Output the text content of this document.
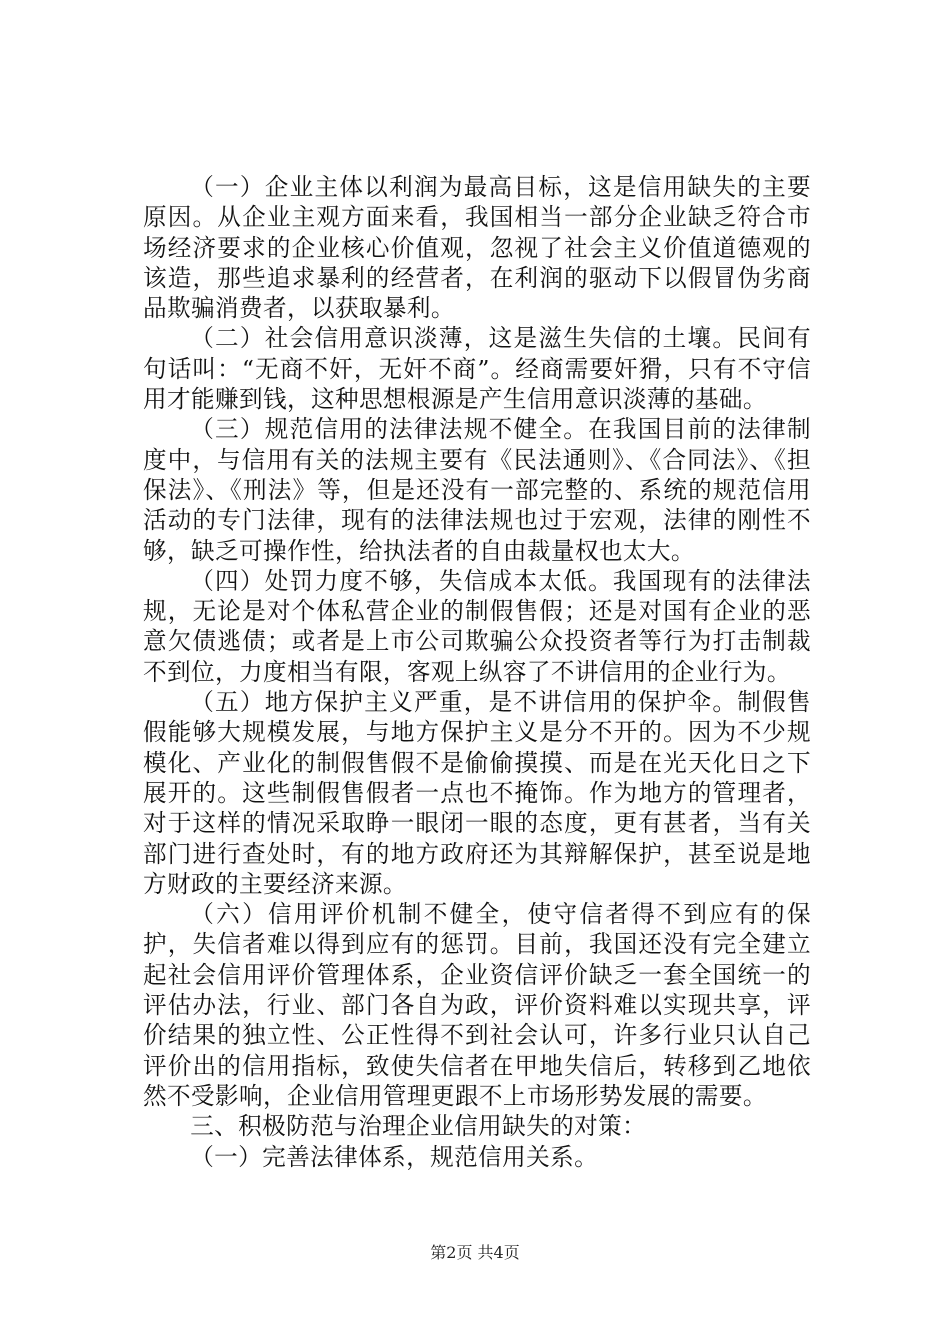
（一）企业主体以利润为最高目标，这是信用缺失的主要原因。从企业主观方面来看，我国相当一部分企业缺乏符合市场经济要求的企业核心价值观，忽视了社会主义价值道德观的该造，那些追求暴利的经营者，在利润的驱动下以假冒伪劣商品欺骗消费者，以获取暴利。

（二）社会信用意识淡薄，这是滋生失信的土壤。民间有句话叫：“无商不奸，无奸不商”。经商需要奸猾，只有不守信用才能赚到钱，这种思想根源是产生信用意识淡薄的基础。

（三）规范信用的法律法规不健全。在我国目前的法律制度中，与信用有关的法规主要有《民法通则》、《合同法》、《担保法》、《刑法》等，但是还没有一部完整的、系统的规范信用活动的专门法律，现有的法律法规也过于宏观，法律的刚性不够，缺乏可操作性，给执法者的自由裁量权也太大。

（四）处罚力度不够，失信成本太低。我国现有的法律法规，无论是对个体私营企业的制假售假；还是对国有企业的恶意欠债逃债；或者是上市公司欺骗公众投资者等行为打击制裁不到位，力度相当有限，客观上纵容了不讲信用的企业行为。

（五）地方保护主义严重，是不讲信用的保护伞。制假售假能够大规模发展，与地方保护主义是分不开的。因为不少规模化、产业化的制假售假不是偷偷摸摸、而是在光天化日之下展开的。这些制假售假者一点也不掩饰。作为地方的管理者，对于这样的情况采取睁一眼闭一眼的态度，更有甚者，当有关部门进行查处时，有的地方政府还为其辩解保护，甚至说是地方财政的主要经济来源。

（六）信用评价机制不健全，使守信者得不到应有的保护，失信者难以得到应有的惩罚。目前，我国还没有完全建立起社会信用评价管理体系，企业资信评价缺乏一套全国统一的评估办法，行业、部门各自为政，评价资料难以实现共享，评价结果的独立性、公正性得不到社会认可，许多行业只认自己评价出的信用指标，致使失信者在甲地失信后，转移到乙地依然不受影响，企业信用管理更跟不上市场形势发展的需要。

三、积极防范与治理企业信用缺失的对策：

（一）完善法律体系，规范信用关系。

第2页 共4页
